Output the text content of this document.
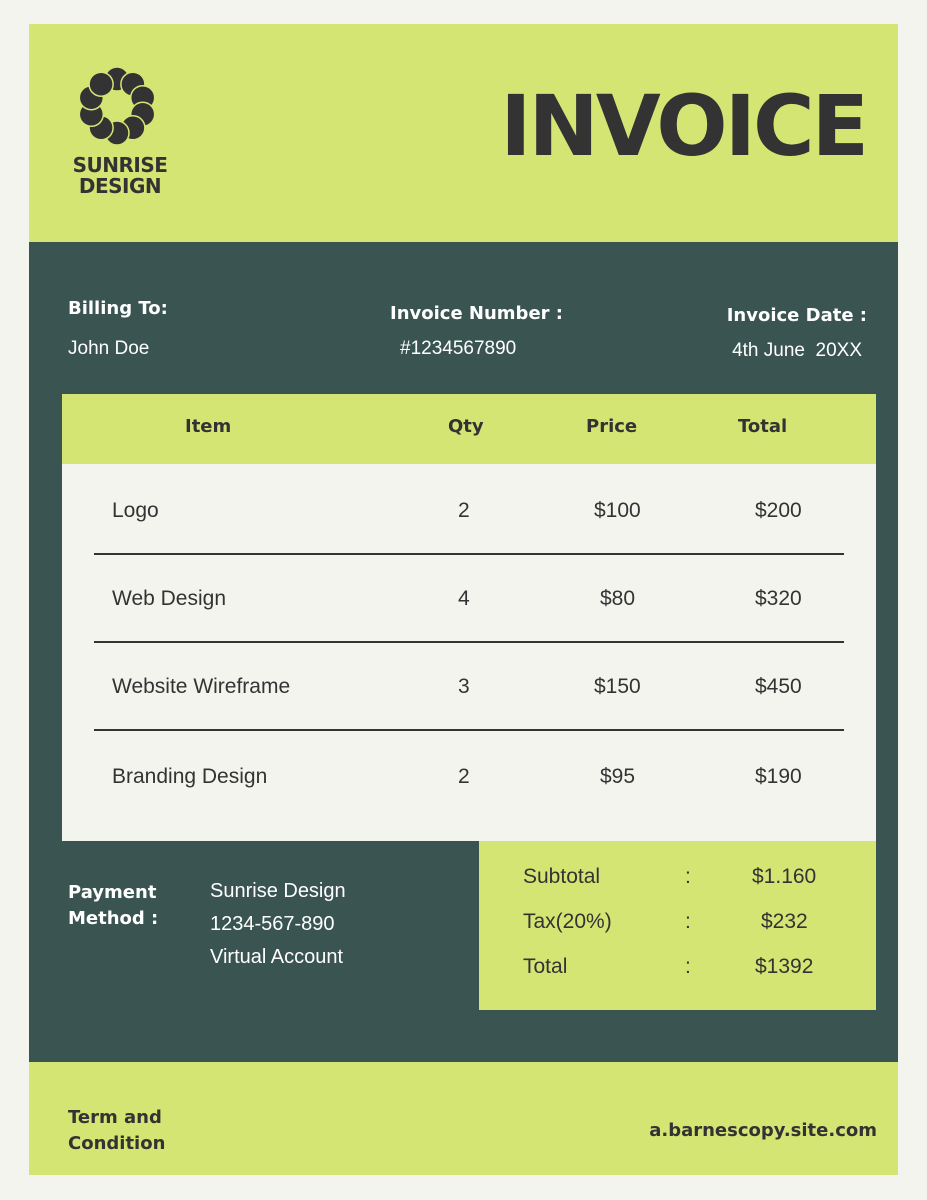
SUNRISE
DESIGN
INVOICE
Billing To:
John Doe
Invoice Number :
#1234567890
Invoice Date :
4th June  20XX
Payment
Method :
Sunrise Design
1234-567-890
Virtual Account
Item	Qty	Price	Total
Logo	2	$100	$200
Web Design	4	$80	$320
Website Wireframe	3	$150	$450
Branding Design	2	$95	$190
Subtotal	:	$1.160
Tax(20%)	:	$232
Total	:	$1392
Term and
Condition
a.barnescopy.site.com
